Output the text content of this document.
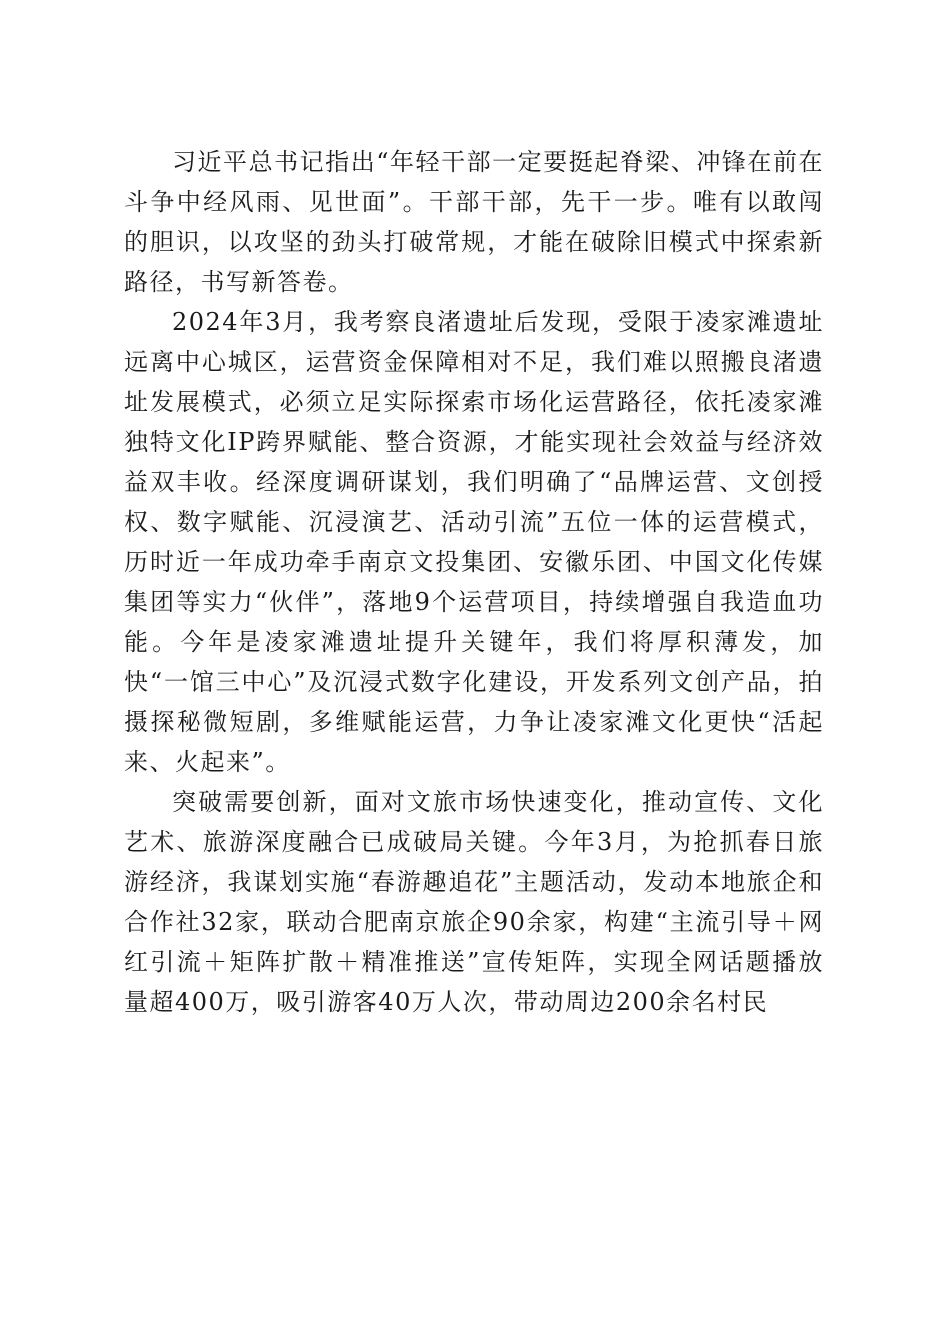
习近平总书记指出“年轻干部一定要挺起脊梁、冲锋在前在斗争中经风雨、见世面”。干部干部，先干一步。唯有以敢闯的胆识，以攻坚的劲头打破常规，才能在破除旧模式中探索新路径，书写新答卷。

2024年3月，我考察良渚遗址后发现，受限于凌家滩遗址远离中心城区，运营资金保障相对不足，我们难以照搬良渚遗址发展模式，必须立足实际探索市场化运营路径，依托凌家滩独特文化IP跨界赋能、整合资源，才能实现社会效益与经济效益双丰收。经深度调研谋划，我们明确了“品牌运营、文创授权、数字赋能、沉浸演艺、活动引流”五位一体的运营模式，历时近一年成功牵手南京文投集团、安徽乐团、中国文化传媒集团等实力“伙伴”，落地9个运营项目，持续增强自我造血功能。今年是凌家滩遗址提升关键年，我们将厚积薄发，加快“一馆三中心”及沉浸式数字化建设，开发系列文创产品，拍摄探秘微短剧，多维赋能运营，力争让凌家滩文化更快“活起来、火起来”。

突破需要创新，面对文旅市场快速变化，推动宣传、文化艺术、旅游深度融合已成破局关键。今年3月，为抢抓春日旅游经济，我谋划实施“春游趣追花”主题活动，发动本地旅企和合作社32家，联动合肥南京旅企90余家，构建“主流引导＋网红引流＋矩阵扩散＋精准推送”宣传矩阵，实现全网话题播放量超400万，吸引游客40万人次，带动周边200余名村民
